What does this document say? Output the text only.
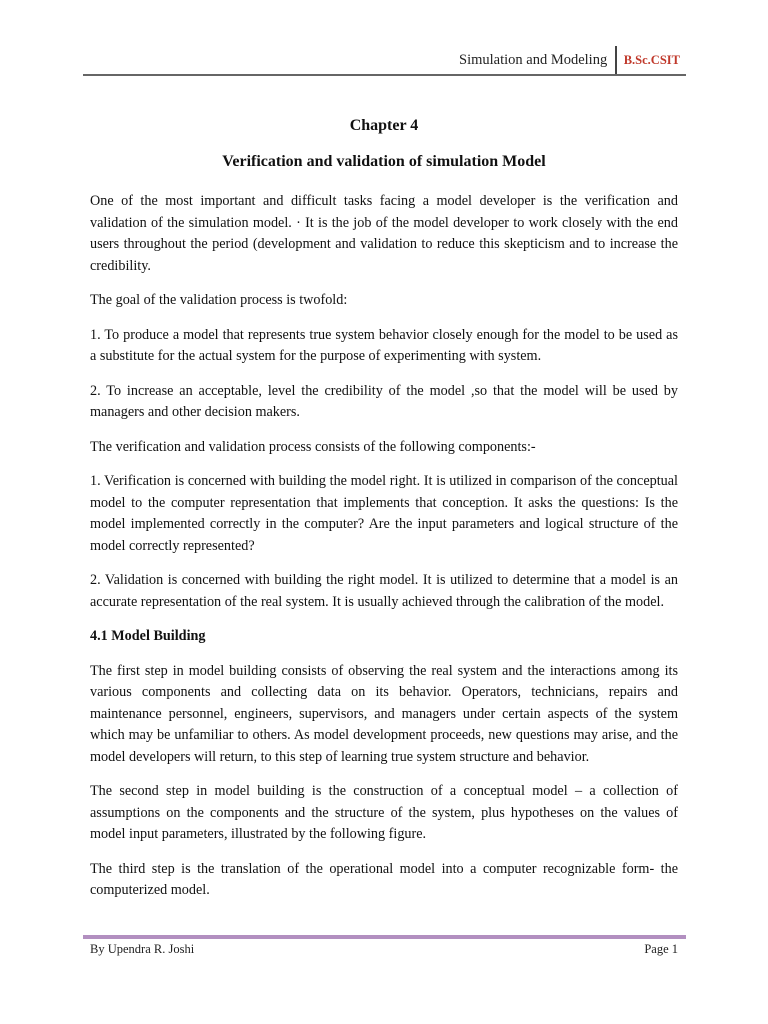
Simulation and Modeling	B.Sc.CSIT
Chapter 4
Verification and validation of simulation Model

One of the most important and difficult tasks facing a model developer is the verification and validation of the simulation model. · It is the job of the model developer to work closely with the end users throughout the period (development and validation to reduce this skepticism and to increase the credibility.

The goal of the validation process is twofold:

1. To produce a model that represents true system behavior closely enough for the model to be used as a substitute for the actual system for the purpose of experimenting with system.

2. To increase an acceptable, level the credibility of the model ,so that the model will be used by managers and other decision makers.

The verification and validation process consists of the following components:-

1. Verification is concerned with building the model right. It is utilized in comparison of the conceptual model to the computer representation that implements that conception. It asks the questions: Is the model implemented correctly in the computer? Are the input parameters and logical structure of the model correctly represented?

2. Validation is concerned with building the right model. It is utilized to determine that a model is an accurate representation of the real system. It is usually achieved through the calibration of the model.

4.1 Model Building

The first step in model building consists of observing the real system and the interactions among its various components and collecting data on its behavior. Operators, technicians, repairs and maintenance personnel, engineers, supervisors, and managers under certain aspects of the system which may be unfamiliar to others. As model development proceeds, new questions may arise, and the model developers will return, to this step of learning true system structure and behavior.

The second step in model building is the construction of a conceptual model – a collection of assumptions on the components and the structure of the system, plus hypotheses on the values of model input parameters, illustrated by the following figure.

The third step is the translation of the operational model into a computer recognizable form- the computerized model.

By Upendra R. Joshi	Page 1
